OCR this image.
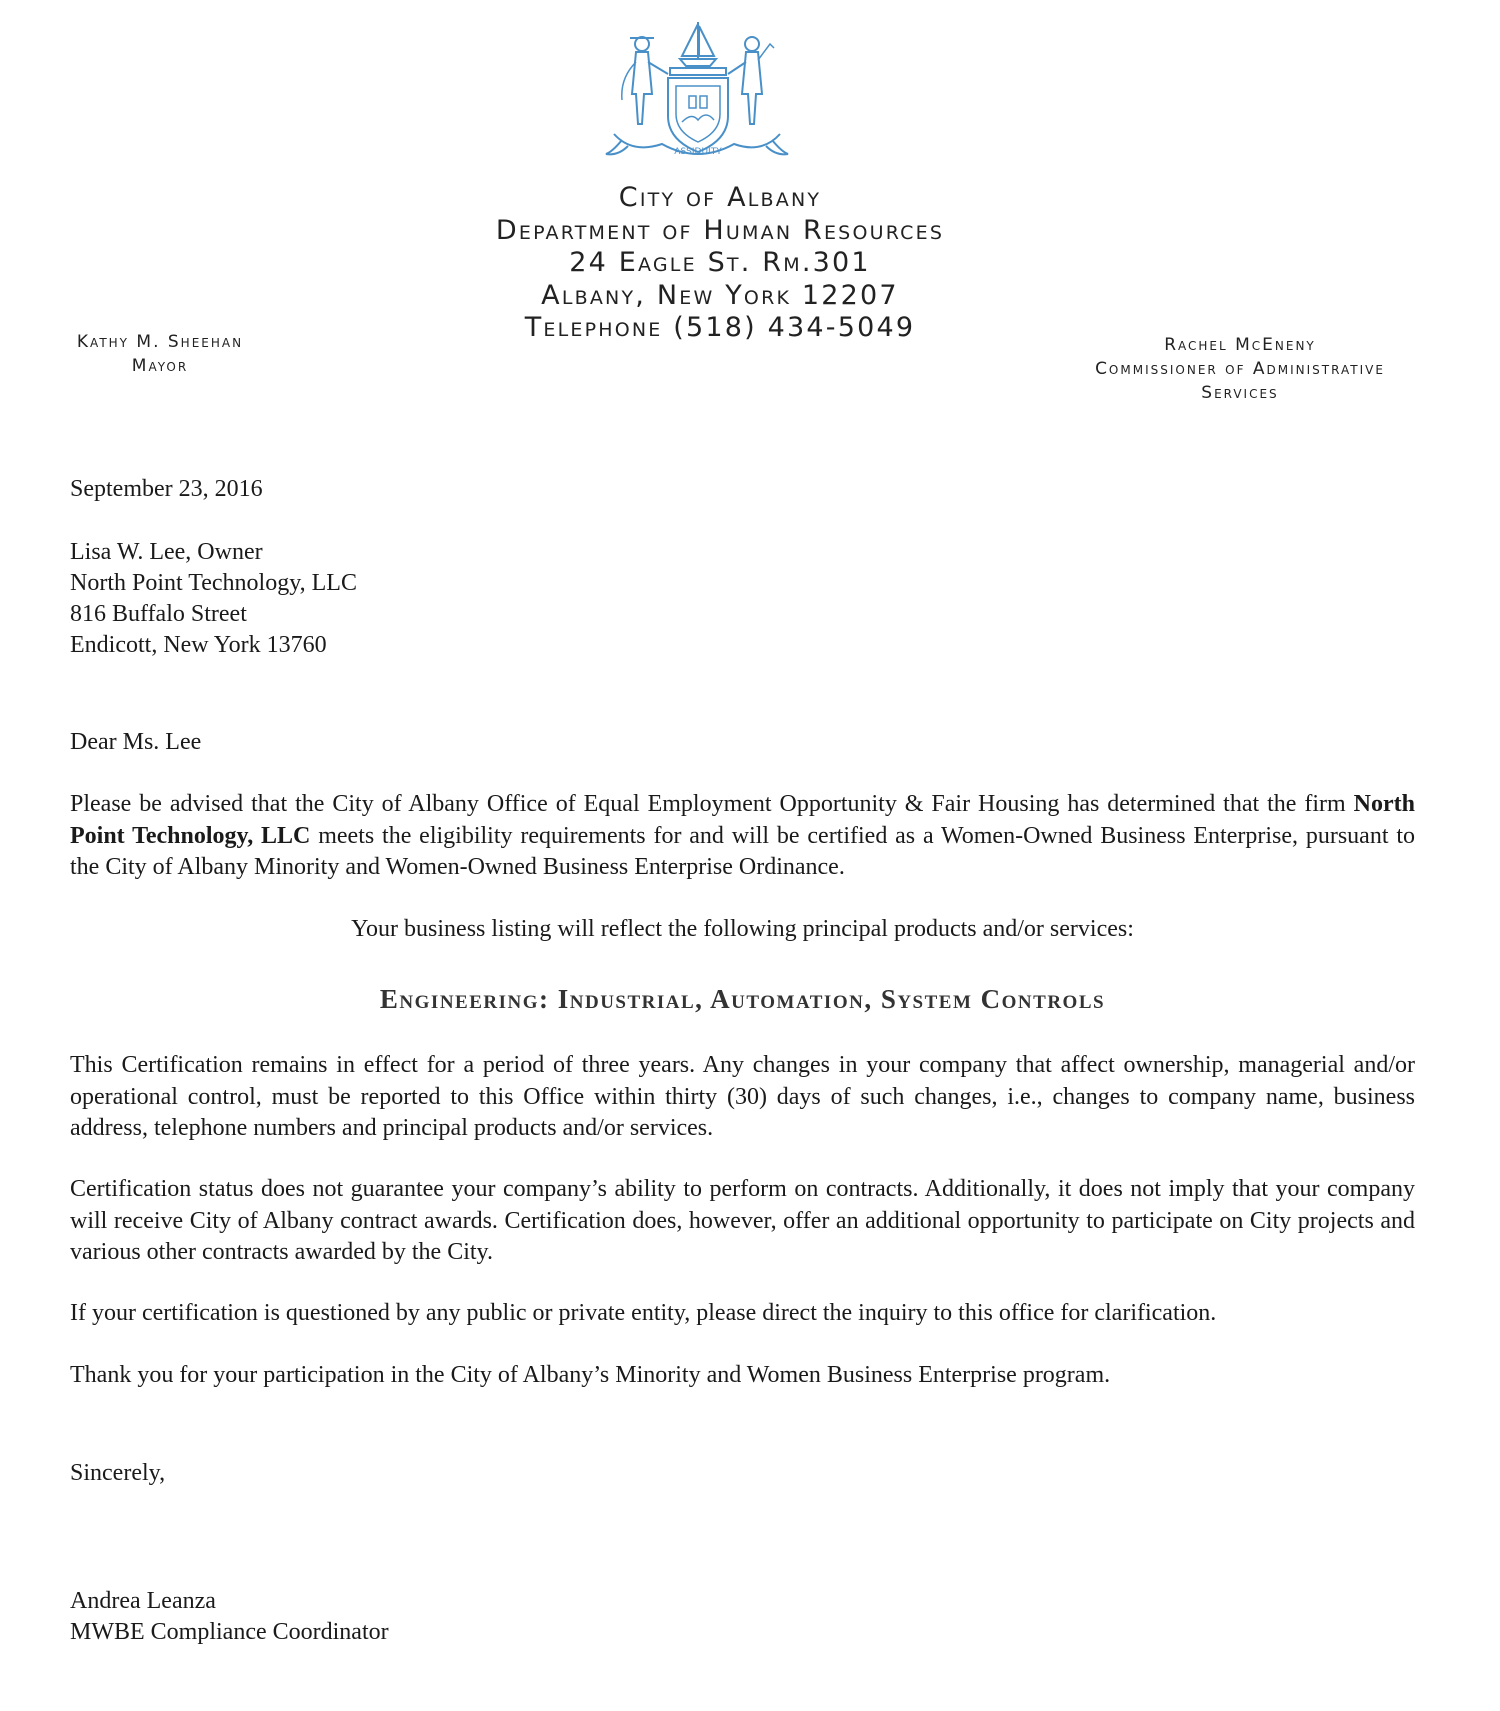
ASSIDUITY
City of Albany
Department of Human Resources
24 Eagle St. Rm.301
Albany, New York 12207
Telephone (518) 434-5049
Kathy M. Sheehan
Mayor
Rachel McEneny
Commissioner of Administrative
Services
September 23, 2016
Lisa W. Lee, Owner
North Point Technology, LLC
816 Buffalo Street
Endicott, New York 13760
Dear Ms. Lee
Please be advised that the City of Albany Office of Equal Employment Opportunity & Fair Housing has determined that the firm North Point Technology, LLC meets the eligibility requirements for and will be certified as a Women-Owned Business Enterprise, pursuant to the City of Albany Minority and Women-Owned Business Enterprise Ordinance.
Your business listing will reflect the following principal products and/or services:
Engineering: Industrial, Automation, System Controls
This Certification remains in effect for a period of three years. Any changes in your company that affect ownership, managerial and/or operational control, must be reported to this Office within thirty (30) days of such changes, i.e., changes to company name, business address, telephone numbers and principal products and/or services.
Certification status does not guarantee your company’s ability to perform on contracts. Additionally, it does not imply that your company will receive City of Albany contract awards. Certification does, however, offer an additional opportunity to participate on City projects and various other contracts awarded by the City.
If your certification is questioned by any public or private entity, please direct the inquiry to this office for clarification.
Thank you for your participation in the City of Albany’s Minority and Women Business Enterprise program.
Sincerely,
Andrea Leanza
MWBE Compliance Coordinator
